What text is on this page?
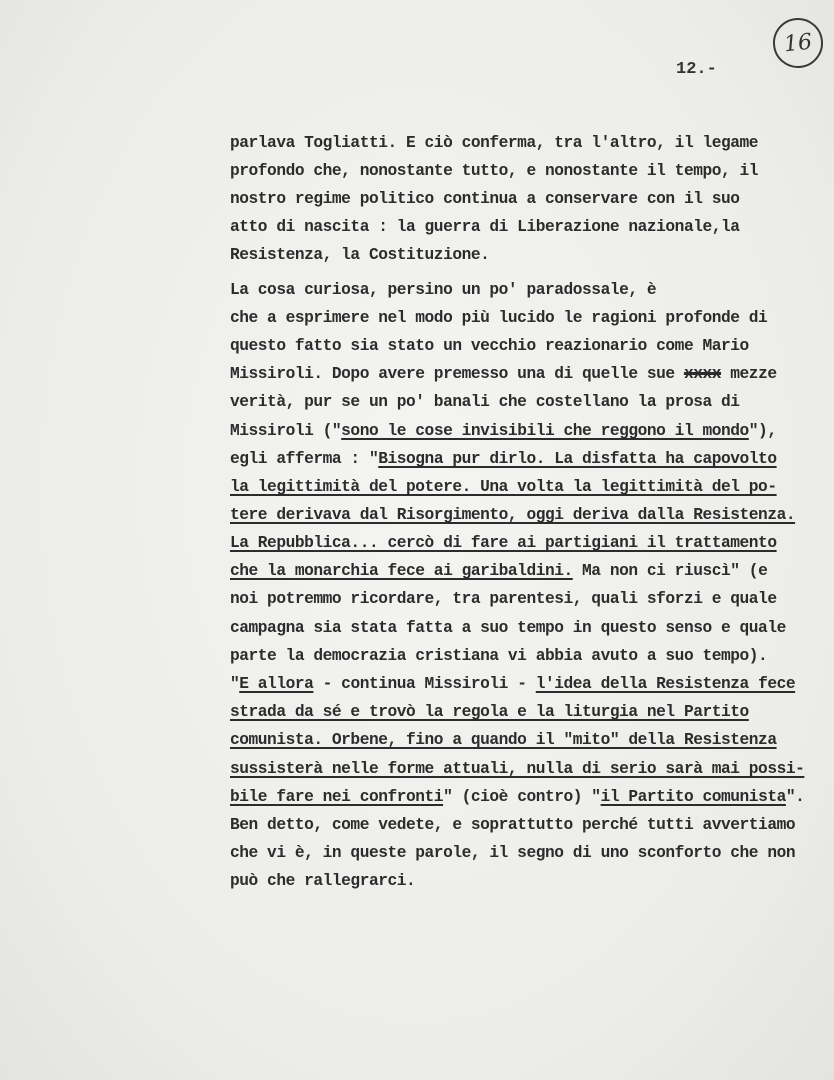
16
12.-
parlava Togliatti. E ciò conferma, tra l'altro, il legame
profondo che, nonostante tutto, e nonostante il tempo, il
nostro regime politico continua a conservare con il suo
atto di nascita : la guerra di Liberazione nazionale,la
Resistenza, la Costituzione.
La cosa curiosa, persino un po' paradossale, è
che a esprimere nel modo più lucido le ragioni profonde di
questo fatto sia stato un vecchio reazionario come Mario
Missiroli. Dopo avere premesso una di quelle sue xxxx mezze
verità, pur se un po' banali che costellano la prosa di
Missiroli ("sono le cose invisibili che reggono il mondo"),
egli afferma : "Bisogna pur dirlo. La disfatta ha capovolto
la legittimità del potere. Una volta la legittimità del po-
tere derivava dal Risorgimento, oggi deriva dalla Resistenza.
La Repubblica... cercò di fare ai partigiani il trattamento
che la monarchia fece ai garibaldini. Ma non ci riuscì" (e
noi potremmo ricordare, tra parentesi, quali sforzi e quale
campagna sia stata fatta a suo tempo in questo senso e quale
parte la democrazia cristiana vi abbia avuto a suo tempo).
"E allora - continua Missiroli - l'idea della Resistenza fece
strada da sé e trovò la regola e la liturgia nel Partito
comunista. Orbene, fino a quando il "mito" della Resistenza
sussisterà nelle forme attuali, nulla di serio sarà mai possi-
bile fare nei confronti" (cioè contro) "il Partito comunista".
Ben detto, come vedete, e soprattutto perché tutti avvertiamo
che vi è, in queste parole, il segno di uno sconforto che non
può che rallegrarci.
